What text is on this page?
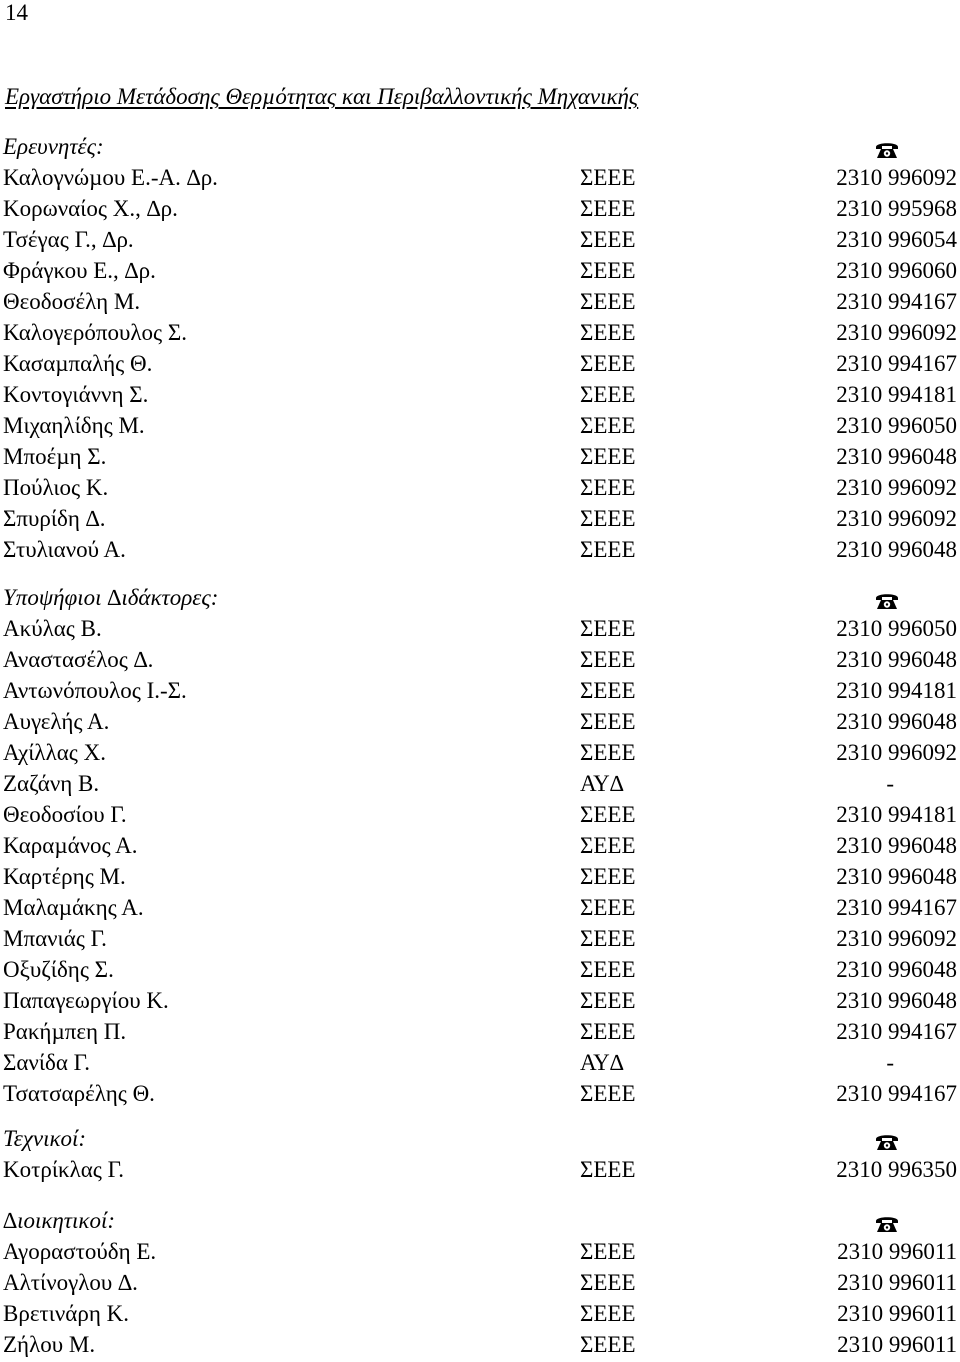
14
Εργαστήριο Μετάδοσης Θερµότητας και Περιβαλλοντικής Μηχανικής
Ερευνητές:
Καλογνώµου Ε.-Α. ∆ρ.	ΣΕΕΕ	2310 996092
Κορωναίος Χ., ∆ρ.	ΣΕΕΕ	2310 995968
Τσέγας Γ., ∆ρ.	ΣΕΕΕ	2310 996054
Φράγκου Ε., ∆ρ.	ΣΕΕΕ	2310 996060
Θεοδοσέλη Μ.	ΣΕΕΕ	2310 994167
Καλογερόπουλος Σ.	ΣΕΕΕ	2310 996092
Κασαµπαλής Θ.	ΣΕΕΕ	2310 994167
Κοντογιάννη Σ.	ΣΕΕΕ	2310 994181
Μιχαηλίδης Μ.	ΣΕΕΕ	2310 996050
Μποέµη Σ.	ΣΕΕΕ	2310 996048
Πούλιος Κ.	ΣΕΕΕ	2310 996092
Σπυρίδη ∆.	ΣΕΕΕ	2310 996092
Στυλιανού Α.	ΣΕΕΕ	2310 996048
Υποψήφιοι ∆ιδάκτορες:
Ακύλας Β.	ΣΕΕΕ	2310 996050
Αναστασέλος ∆.	ΣΕΕΕ	2310 996048
Αντωνόπουλος Ι.-Σ.	ΣΕΕΕ	2310 994181
Αυγελής Α.	ΣΕΕΕ	2310 996048
Αχίλλας Χ.	ΣΕΕΕ	2310 996092
Ζαζάνη Β.	ΑΥ∆	-
Θεοδοσίου Γ.	ΣΕΕΕ	2310 994181
Καραµάνος Α.	ΣΕΕΕ	2310 996048
Καρτέρης Μ.	ΣΕΕΕ	2310 996048
Μαλαµάκης Α.	ΣΕΕΕ	2310 994167
Μπανιάς Γ.	ΣΕΕΕ	2310 996092
Οξυζίδης Σ.	ΣΕΕΕ	2310 996048
Παπαγεωργίου Κ.	ΣΕΕΕ	2310 996048
Ρακήµπεη Π.	ΣΕΕΕ	2310 994167
Σανίδα Γ.	ΑΥ∆	-
Τσατσαρέλης Θ.	ΣΕΕΕ	2310 994167
Τεχνικοί:
Κοτρίκλας Γ.	ΣΕΕΕ	2310 996350
∆ιοικητικοί:
Αγοραστούδη Ε.	ΣΕΕΕ	2310 996011
Αλτίνογλου ∆.	ΣΕΕΕ	2310 996011
Βρετινάρη Κ.	ΣΕΕΕ	2310 996011
Ζήλου Μ.	ΣΕΕΕ	2310 996011
